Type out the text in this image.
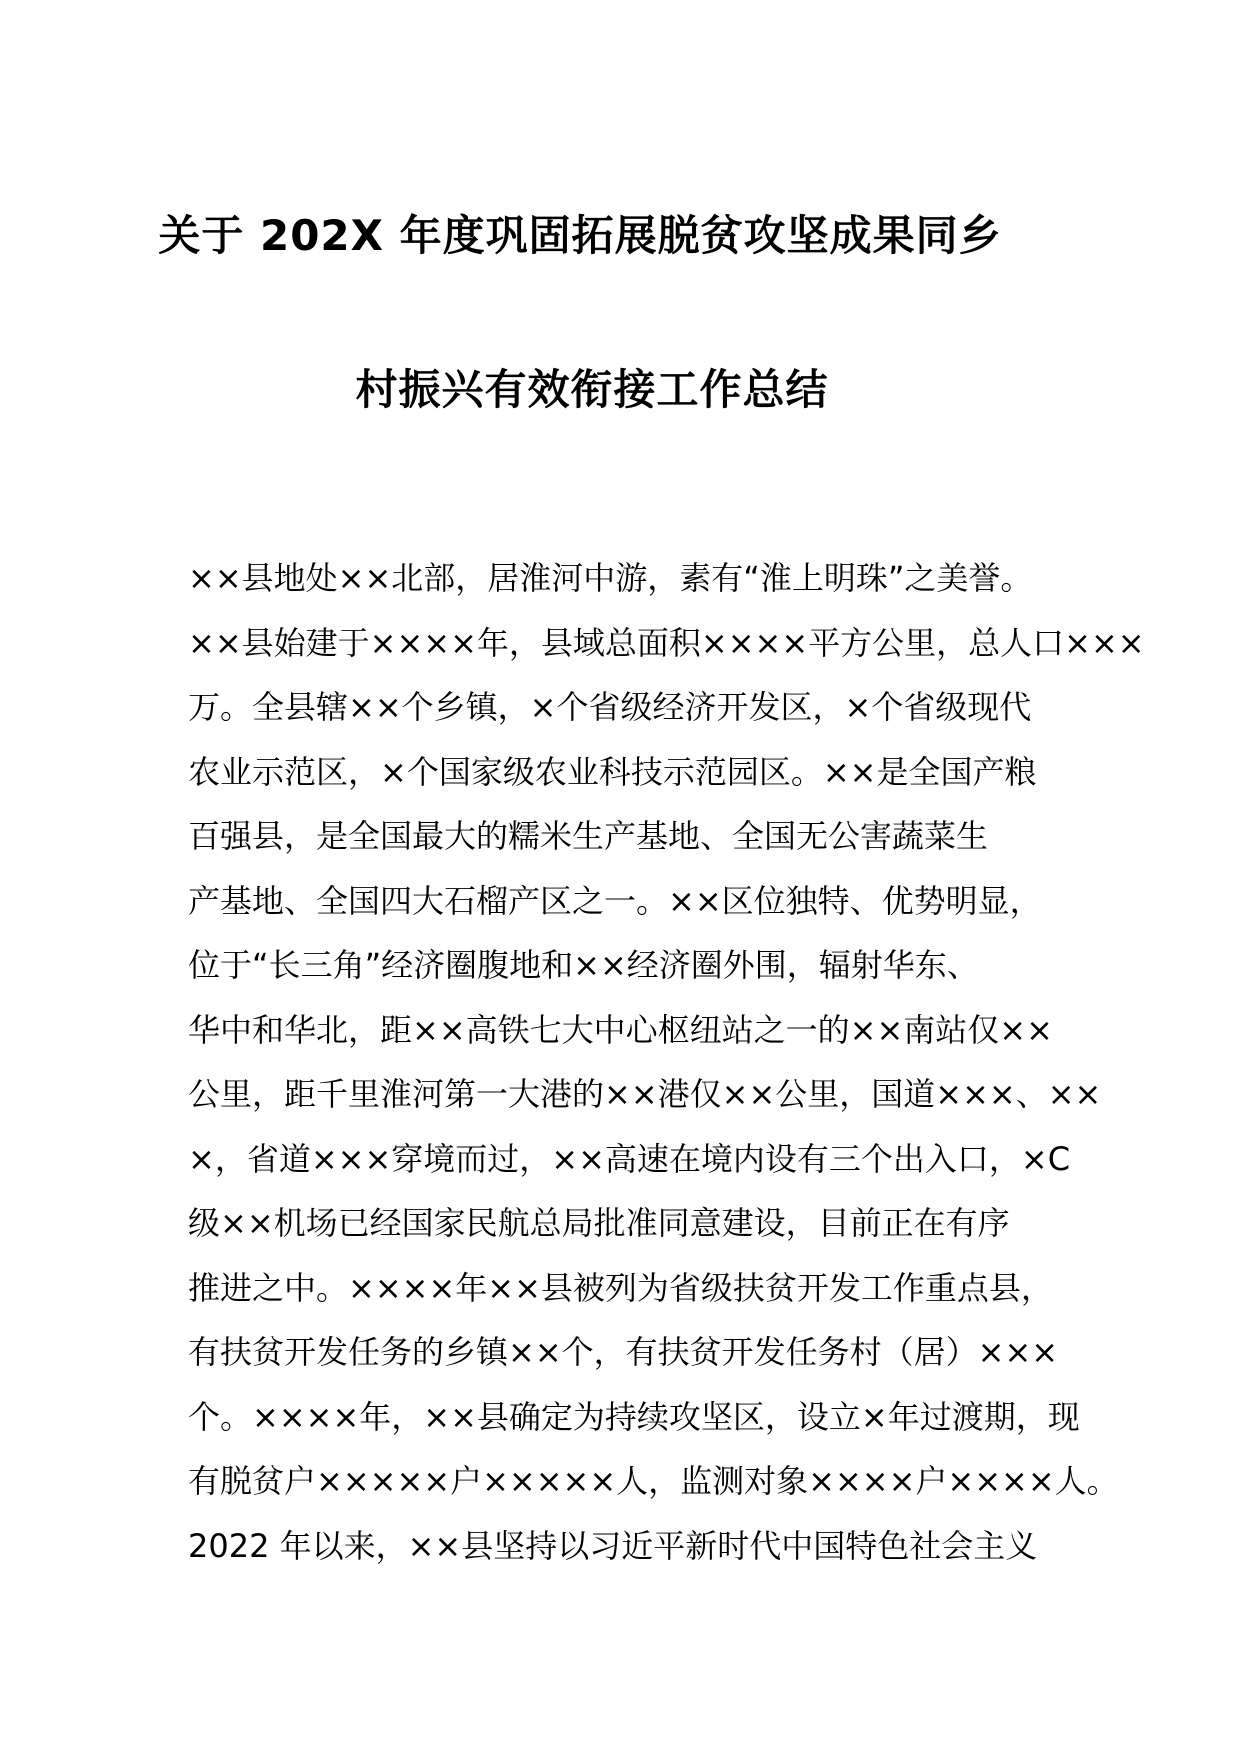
关于 202X 年度巩固拓展脱贫攻坚成果同乡
村振兴有效衔接工作总结
××县地处××北部，居淮河中游，素有“淮上明珠”之美誉。
××县始建于××××年，县域总面积××××平方公里，总人口×××
万。全县辖××个乡镇，×个省级经济开发区，×个省级现代
农业示范区，×个国家级农业科技示范园区。××是全国产粮
百强县，是全国最大的糯米生产基地、全国无公害蔬菜生
产基地、全国四大石榴产区之一。××区位独特、优势明显，
位于“长三角”经济圈腹地和××经济圈外围，辐射华东、
华中和华北，距××高铁七大中心枢纽站之一的××南站仅××
公里，距千里淮河第一大港的××港仅××公里，国道×××、××
×，省道×××穿境而过，××高速在境内设有三个出入口，×C
级××机场已经国家民航总局批准同意建设，目前正在有序
推进之中。××××年××县被列为省级扶贫开发工作重点县，
有扶贫开发任务的乡镇××个，有扶贫开发任务村（居）×××
个。××××年，××县确定为持续攻坚区，设立×年过渡期，现
有脱贫户×××××户×××××人，监测对象××××户××××人。
2022 年以来，××县坚持以习近平新时代中国特色社会主义
